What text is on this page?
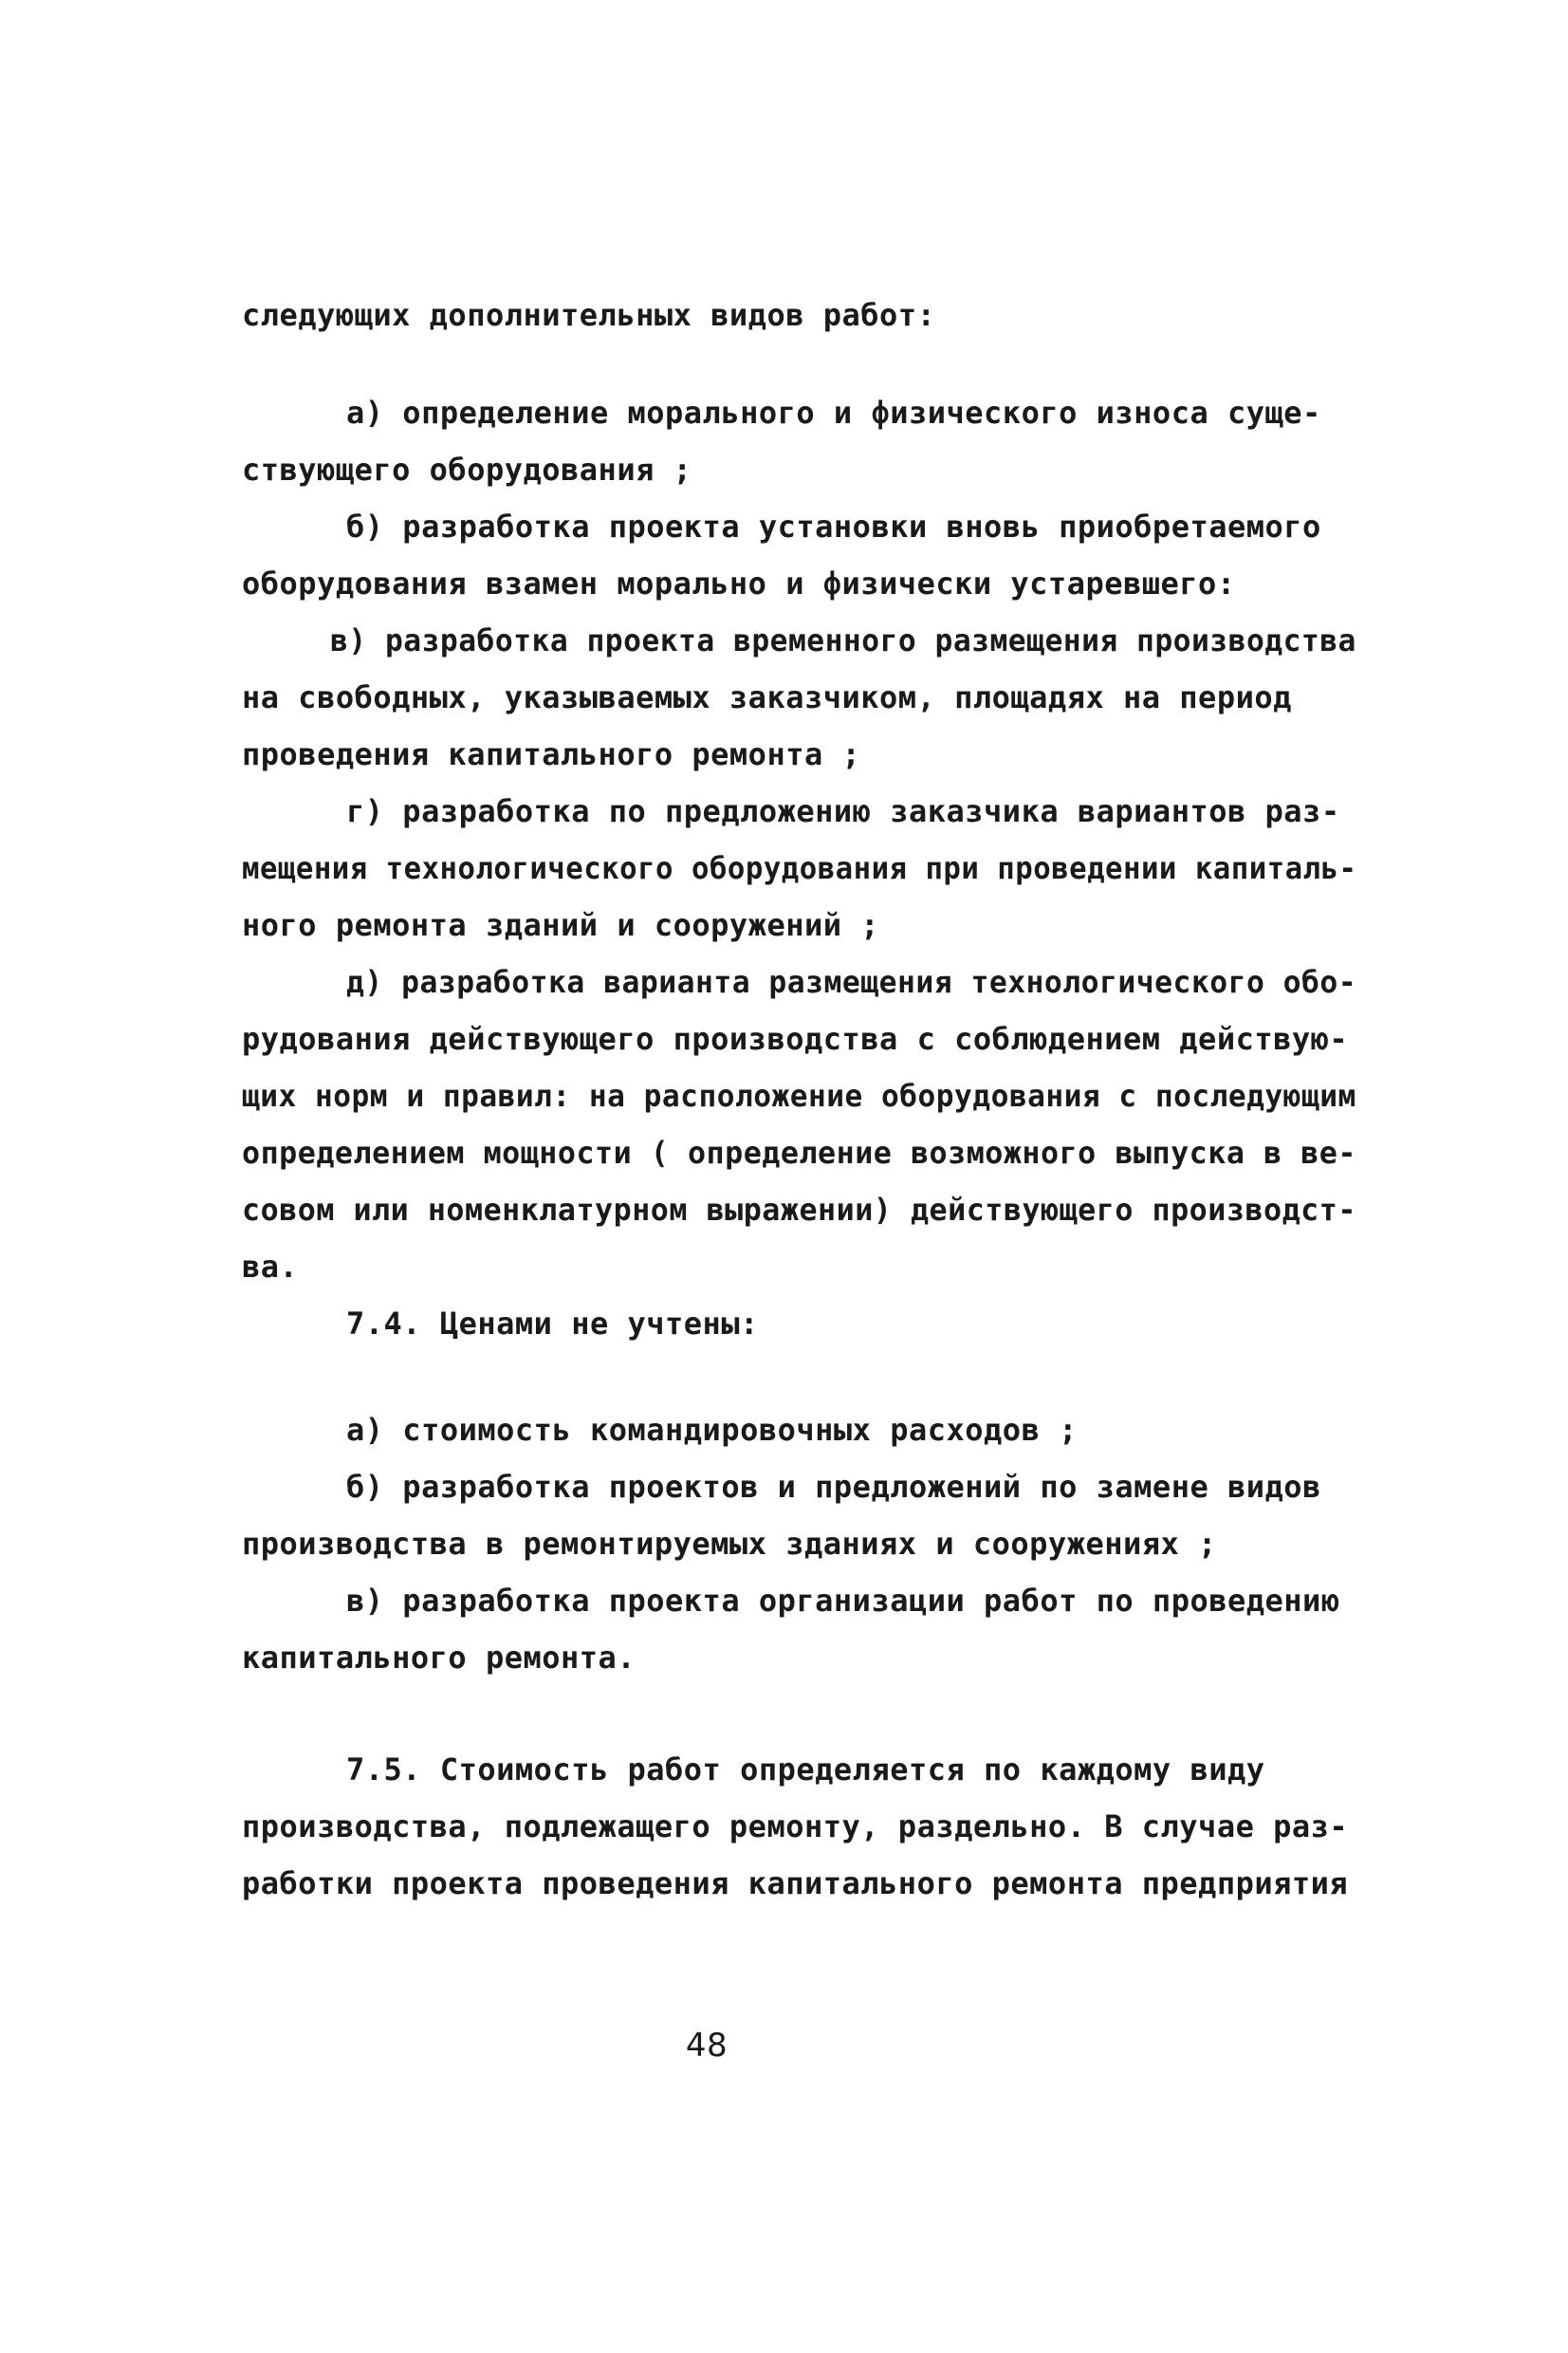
следующих дополнительных видов работ:
а) определение морального и физического износа суще-
ствующего оборудования ;
б) разработка проекта установки вновь приобретаемого
оборудования взамен морально и физически устаревшего:
в) разработка проекта временного размещения производства
на свободных, указываемых заказчиком, площадях на период
проведения капитального ремонта ;
г) разработка по предложению заказчика вариантов раз-
мещения технологического оборудования при проведении капиталь-
ного ремонта зданий и сооружений ;
д) разработка варианта размещения технологического обо-
рудования действующего производства с соблюдением действую-
щих норм и правил: на расположение оборудования с последующим
определением мощности ( определение возможного выпуска в ве-
совом или номенклатурном выражении) действующего производст-
ва.
7.4. Ценами не учтены:
а) стоимость командировочных расходов ;
б) разработка проектов и предложений по замене видов
производства в ремонтируемых зданиях и сооружениях ;
в) разработка проекта организации работ по проведению
капитального ремонта.
7.5. Стоимость работ определяется по каждому виду
производства, подлежащего ремонту, раздельно. В случае раз-
работки проекта проведения капитального ремонта предприятия
48
